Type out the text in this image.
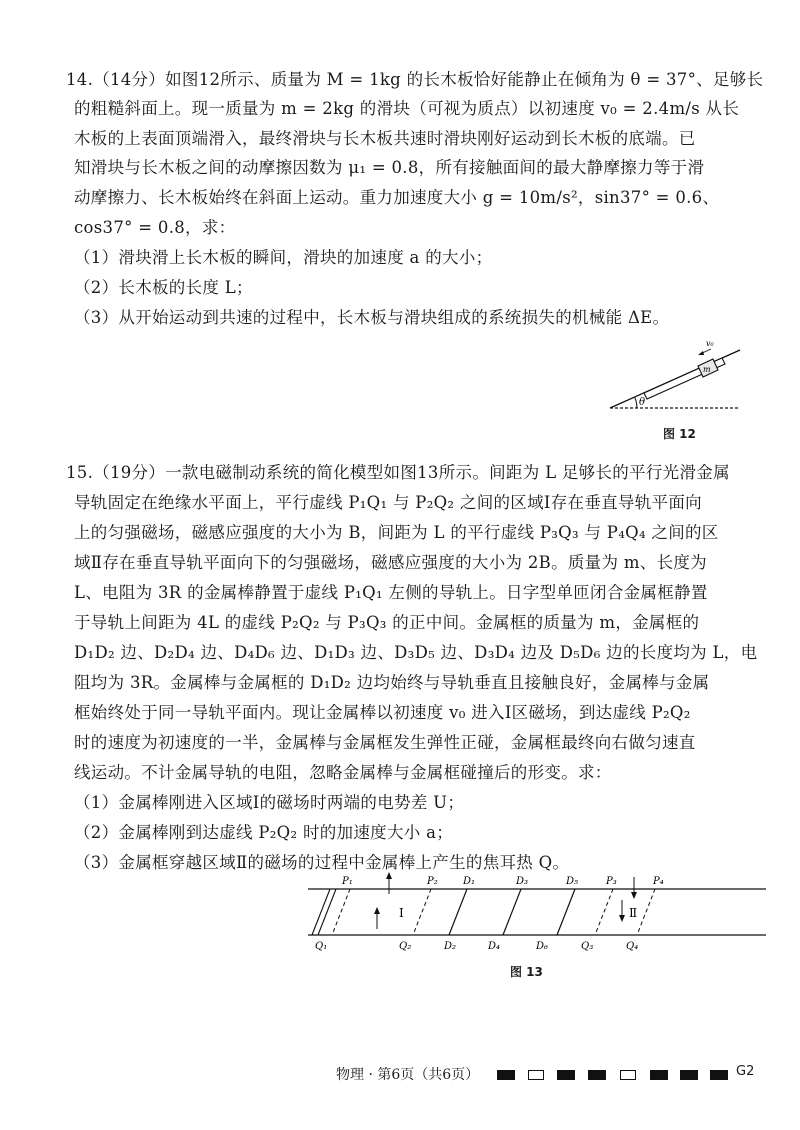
14.（14分）如图12所示、质量为 M = 1kg 的长木板恰好能静止在倾角为 θ = 37°、足够长
的粗糙斜面上。现一质量为 m = 2kg 的滑块（可视为质点）以初速度 v₀ = 2.4m/s 从长
木板的上表面顶端滑入，最终滑块与长木板共速时滑块刚好运动到长木板的底端。已
知滑块与长木板之间的动摩擦因数为 μ₁ = 0.8，所有接触面间的最大静摩擦力等于滑
动摩擦力、长木板始终在斜面上运动。重力加速度大小 g = 10m/s²，sin37° = 0.6、
cos37° = 0.8，求：
（1）滑块滑上长木板的瞬间，滑块的加速度 a 的大小；
（2）长木板的长度 L；
（3）从开始运动到共速的过程中，长木板与滑块组成的系统损失的机械能 ΔE。
θ
m
v₀
图 12
15.（19分）一款电磁制动系统的简化模型如图13所示。间距为 L 足够长的平行光滑金属
导轨固定在绝缘水平面上，平行虚线 P₁Q₁ 与 P₂Q₂ 之间的区域Ⅰ存在垂直导轨平面向
上的匀强磁场，磁感应强度的大小为 B，间距为 L 的平行虚线 P₃Q₃ 与 P₄Q₄ 之间的区
域Ⅱ存在垂直导轨平面向下的匀强磁场，磁感应强度的大小为 2B。质量为 m、长度为
L、电阻为 3R 的金属棒静置于虚线 P₁Q₁ 左侧的导轨上。日字型单匝闭合金属框静置
于导轨上间距为 4L 的虚线 P₂Q₂ 与 P₃Q₃ 的正中间。金属框的质量为 m，金属框的
D₁D₂ 边、D₂D₄ 边、D₄D₆ 边、D₁D₃ 边、D₃D₅ 边、D₃D₄ 边及 D₅D₆ 边的长度均为 L，电
阻均为 3R。金属棒与金属框的 D₁D₂ 边均始终与导轨垂直且接触良好，金属棒与金属
框始终处于同一导轨平面内。现让金属棒以初速度 v₀ 进入Ⅰ区磁场，到达虚线 P₂Q₂
时的速度为初速度的一半，金属棒与金属框发生弹性正碰，金属框最终向右做匀速直
线运动。不计金属导轨的电阻，忽略金属棒与金属框碰撞后的形变。求：
（1）金属棒刚进入区域Ⅰ的磁场时两端的电势差 U；
（2）金属棒刚到达虚线 P₂Q₂ 时的加速度大小 a；
（3）金属框穿越区域Ⅱ的磁场的过程中金属棒上产生的焦耳热 Q。
Ⅰ	Ⅱ
P₁	P₂	D₁	D₃	D₅	P₃	P₄
Q₁	Q₂	D₂	D₄	D₆	Q₃	Q₄
图 13
物理 · 第6页（共6页）	G2
